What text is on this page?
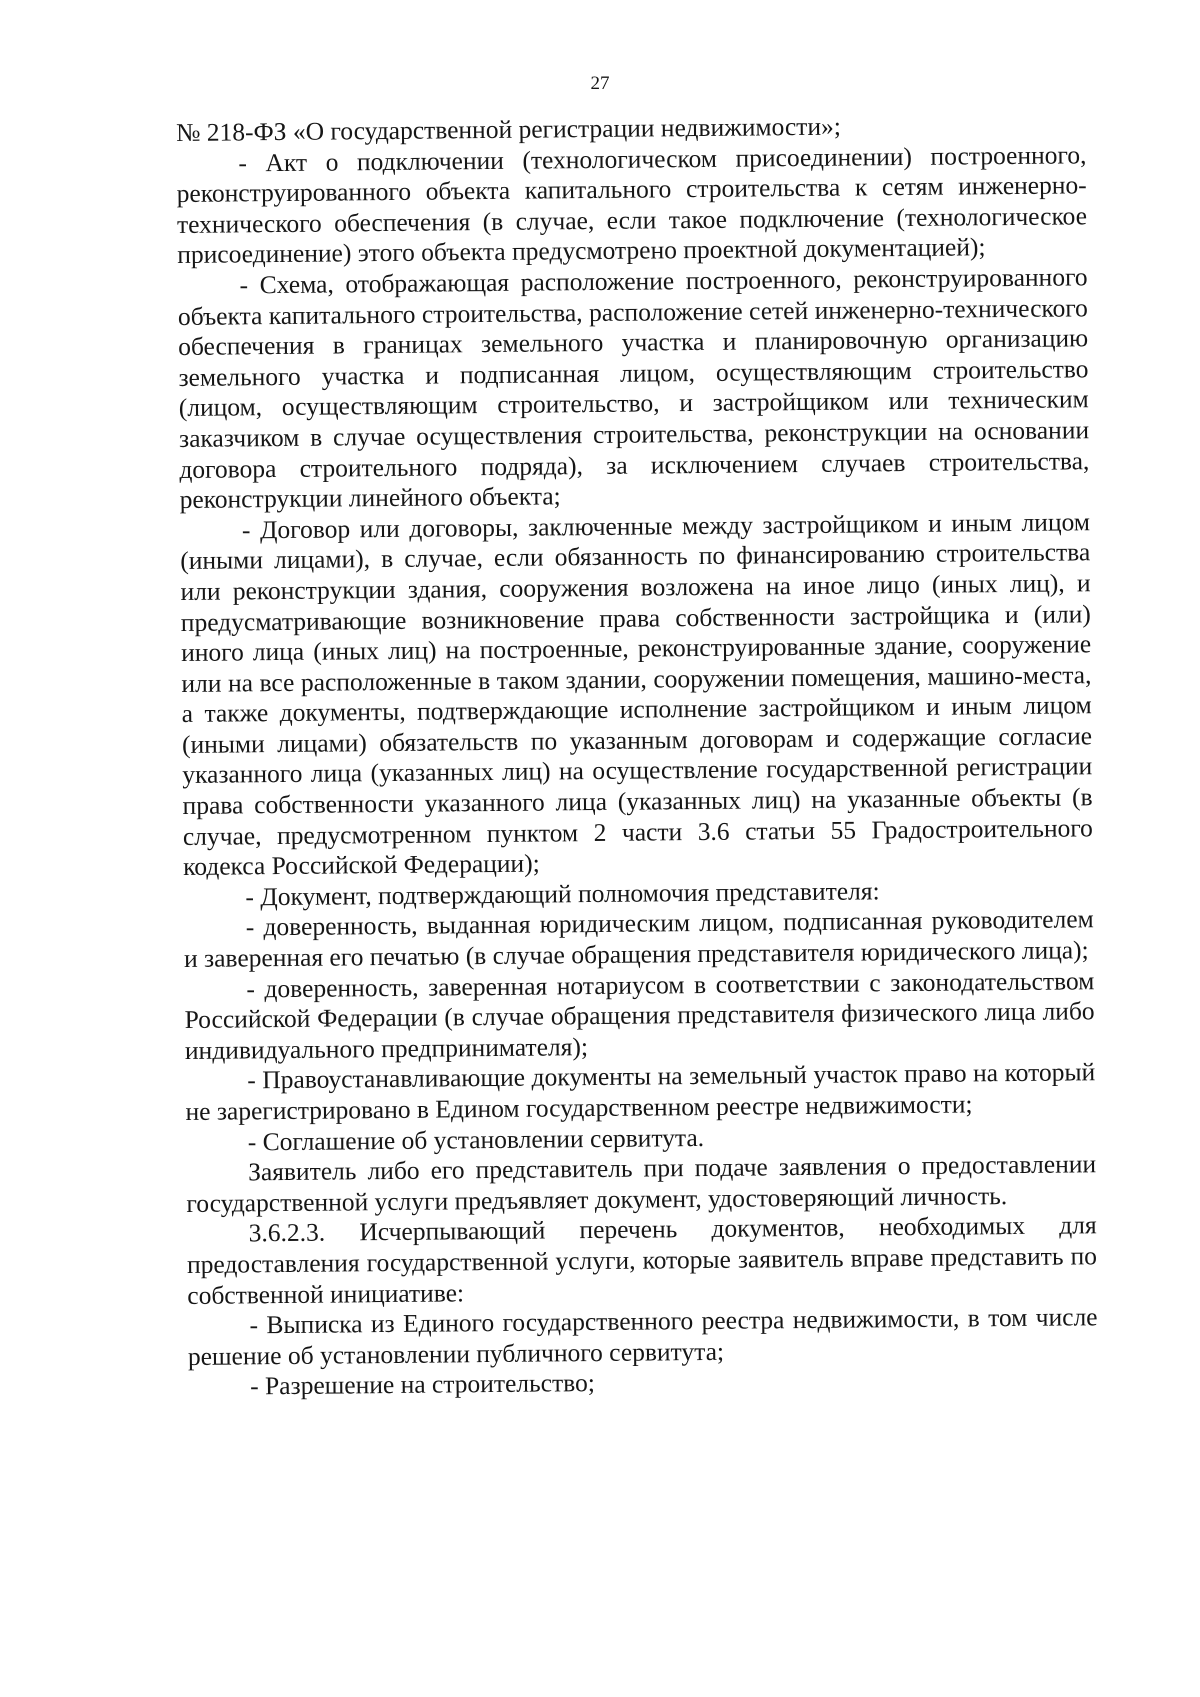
27

№ 218-ФЗ «О государственной регистрации недвижимости»;

- Акт о подключении (технологическом присоединении) построенного, реконструированного объекта капитального строительства к сетям инженерно-технического обеспечения (в случае, если такое подключение (технологическое присоединение) этого объекта предусмотрено проектной документацией);

- Схема, отображающая расположение построенного, реконструированного объекта капитального строительства, расположение сетей инженерно-технического обеспечения в границах земельного участка и планировочную организацию земельного участка и подписанная лицом, осуществляющим строительство (лицом, осуществляющим строительство, и застройщиком или техническим заказчиком в случае осуществления строительства, реконструкции на основании договора строительного подряда), за исключением случаев строительства, реконструкции линейного объекта;

- Договор или договоры, заключенные между застройщиком и иным лицом (иными лицами), в случае, если обязанность по финансированию строительства или реконструкции здания, сооружения возложена на иное лицо (иных лиц), и предусматривающие возникновение права собственности застройщика и (или) иного лица (иных лиц) на построенные, реконструированные здание, сооружение или на все расположенные в таком здании, сооружении помещения, машино-места, а также документы, подтверждающие исполнение застройщиком и иным лицом (иными лицами) обязательств по указанным договорам и содержащие согласие указанного лица (указанных лиц) на осуществление государственной регистрации права собственности указанного лица (указанных лиц) на указанные объекты (в случае, предусмотренном пунктом 2 части 3.6 статьи 55 Градостроительного кодекса Российской Федерации);

- Документ, подтверждающий полномочия представителя:

- доверенность, выданная юридическим лицом, подписанная руководителем и заверенная его печатью (в случае обращения представителя юридического лица);

- доверенность, заверенная нотариусом в соответствии с законодательством Российской Федерации (в случае обращения представителя физического лица либо индивидуального предпринимателя);

- Правоустанавливающие документы на земельный участок право на который не зарегистрировано в Едином государственном реестре недвижимости;

- Соглашение об установлении сервитута.

Заявитель либо его представитель при подаче заявления о предоставлении государственной услуги предъявляет документ, удостоверяющий личность.

3.6.2.3. Исчерпывающий перечень документов, необходимых для предоставления государственной услуги, которые заявитель вправе представить по собственной инициативе:

- Выписка из Единого государственного реестра недвижимости, в том числе решение об установлении публичного сервитута;

- Разрешение на строительство;
